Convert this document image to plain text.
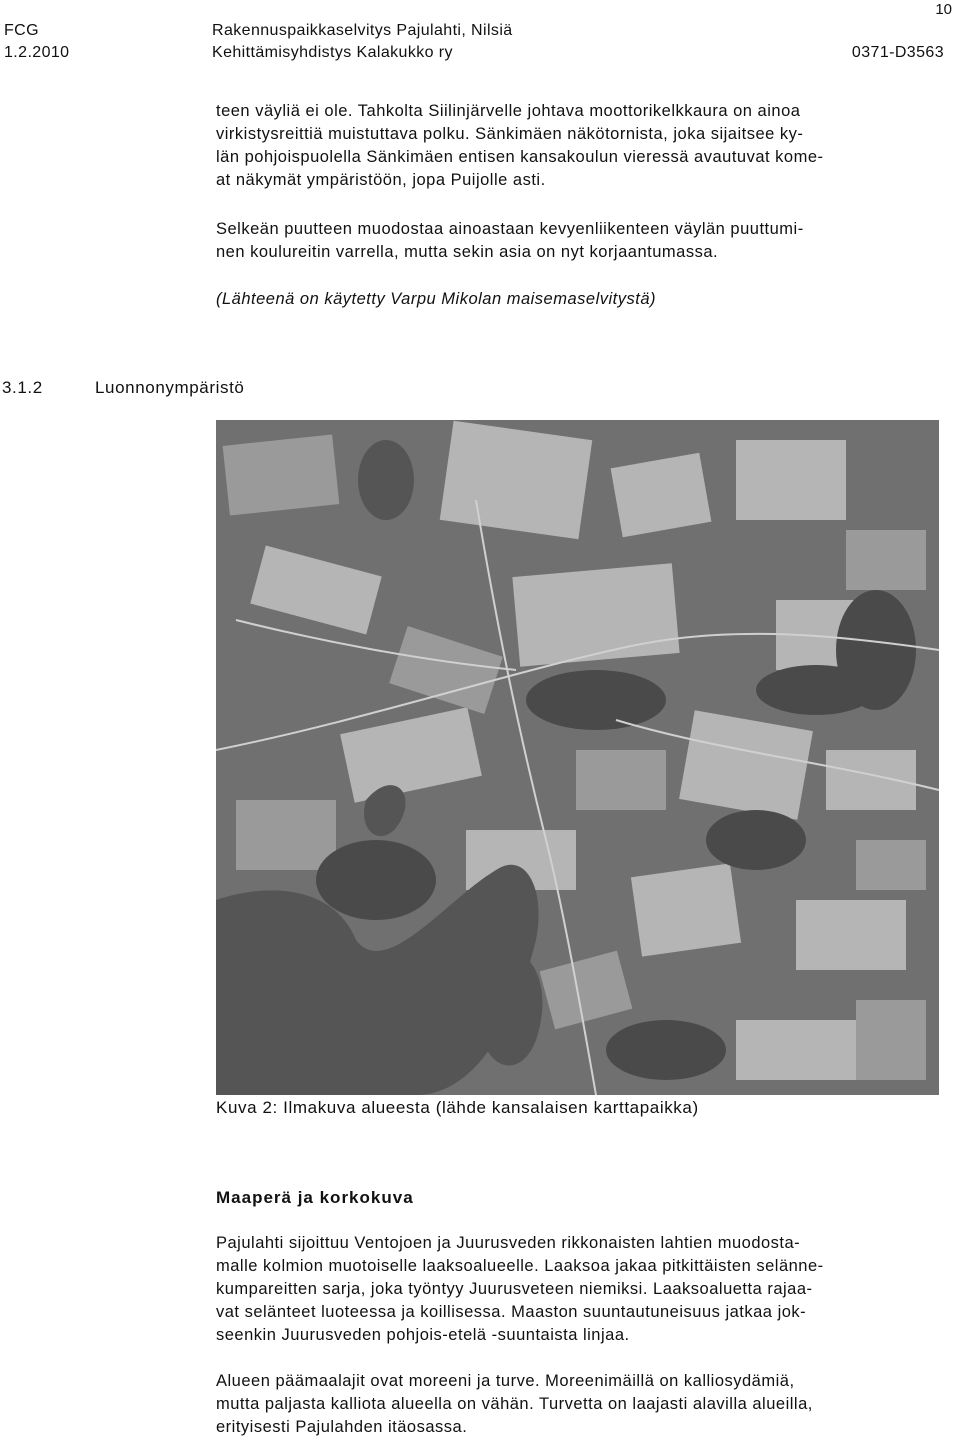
10
FCG	Rakennuspaikkaselvitys Pajulahti, Nilsiä
1.2.2010	Kehittämisyhdistys Kalakukko ry	0371-D3563

teen väyliä ei ole. Tahkolta Siilinjärvelle johtava moottorikelkkaura on ainoa

virkistysreittiä muistuttava polku. Sänkimäen näkötornista, joka sijaitsee ky-

län pohjoispuolella Sänkimäen entisen kansakoulun vieressä avautuvat kome-

at näkymät ympäristöön, jopa Puijolle asti.

Selkeän puutteen muodostaa ainoastaan kevyenliikenteen väylän puuttumi-

nen koulureitin varrella, mutta sekin asia on nyt korjaantumassa.

(Lähteenä on käytetty Varpu Mikolan maisemaselvitystä)

3.1.2	Luonnonympäristö
Kuva 2: Ilmakuva alueesta (lähde kansalaisen karttapaikka)
Maaperä ja korkokuva

Pajulahti sijoittuu Ventojoen ja Juurusveden rikkonaisten lahtien muodosta-

malle kolmion muotoiselle laaksoalueelle. Laaksoa jakaa pitkittäisten selänne-

kumpareitten sarja, joka työntyy Juurusveteen niemiksi. Laaksoaluetta rajaa-

vat selänteet luoteessa ja koillisessa. Maaston suuntautuneisuus jatkaa jok-

seenkin Juurusveden pohjois-etelä -suuntaista linjaa.

Alueen päämaalajit ovat moreeni ja turve. Moreenimäillä on kalliosydämiä,

mutta paljasta kalliota alueella on vähän. Turvetta on laajasti alavilla alueilla,

erityisesti Pajulahden itäosassa.
